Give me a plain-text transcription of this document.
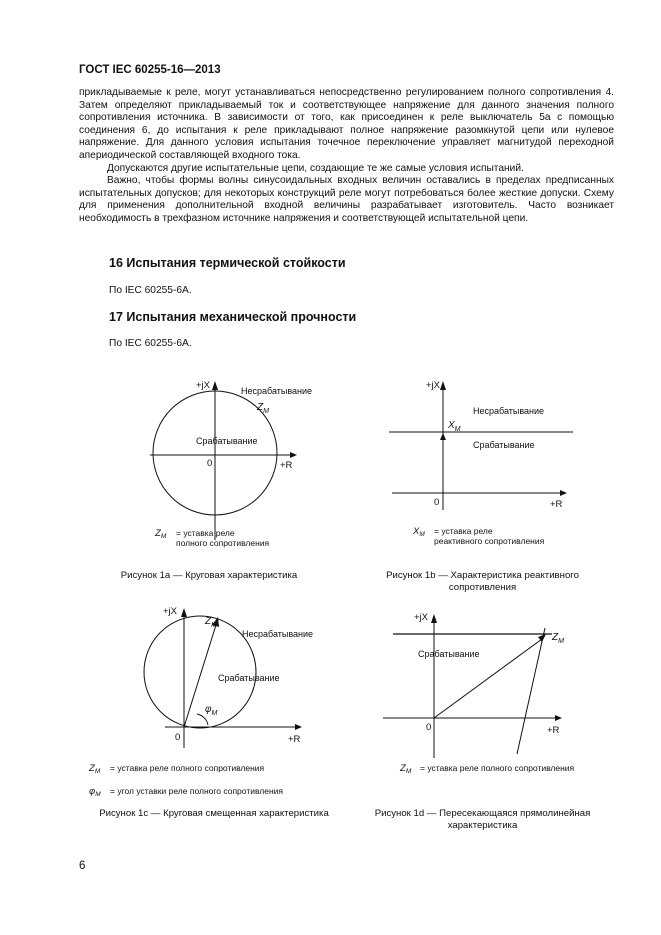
ГОСТ IEC 60255-16—2013

прикладываемые к реле, могут устанавливаться непосредственно регулированием полного сопротивления 4. Затем определяют прикладываемый ток и соответствующее напряжение для данного значения полного сопротивления источника. В зависимости от того, как присоединен к реле выключатель 5а с помощью соединения 6, до испытания к реле прикладывают полное напряжение разомкнутой цепи или нулевое напряжение. Для данного условия испытания точечное переключение управляет магнитудой переходной апериодической составляющей входного тока.

Допускаются другие испытательные цепи, создающие те же самые условия испытаний.

Важно, чтобы формы волны синусоидальных входных величин оставались в пределах предписанных испытательных допусков; для некоторых конструкций реле могут потребоваться более жесткие допуски. Схему для применения дополнительной входной величины разрабатывает изготовитель. Часто возникает необходимость в трехфазном источнике напряжения и соответствующей испытательной цепи.

16 Испытания термической стойкости
По IEC 60255-6A.
17 Испытания механической прочности
По IEC 60255-6A.
+jX
+R
0
Несрабатывание
Срабатывание
$Z_M$
$Z_M$ = уставка реле
полного сопротивления
Рисунок 1а — Круговая характеристика
+jX
+R
0
Несрабатывание
Срабатывание
$X_M$
$X_M$ = уставка реле
реактивного сопротивления
Рисунок 1b — Характеристика реактивного
сопротивления
+jX
+R
0
Несрабатывание
Срабатывание
$Z_M$
$\varphi_M$
$Z_M$ = уставка реле полного сопротивления
$\varphi_M$ = угол уставки реле полного сопротивления
Рисунок 1с — Круговая смещенная характеристика
+jX
+R
0
Срабатывание
$Z_M$
$Z_M$ = уставка реле полного сопротивления
Рисунок 1d — Пересекающаяся прямолинейная
характеристика
6
